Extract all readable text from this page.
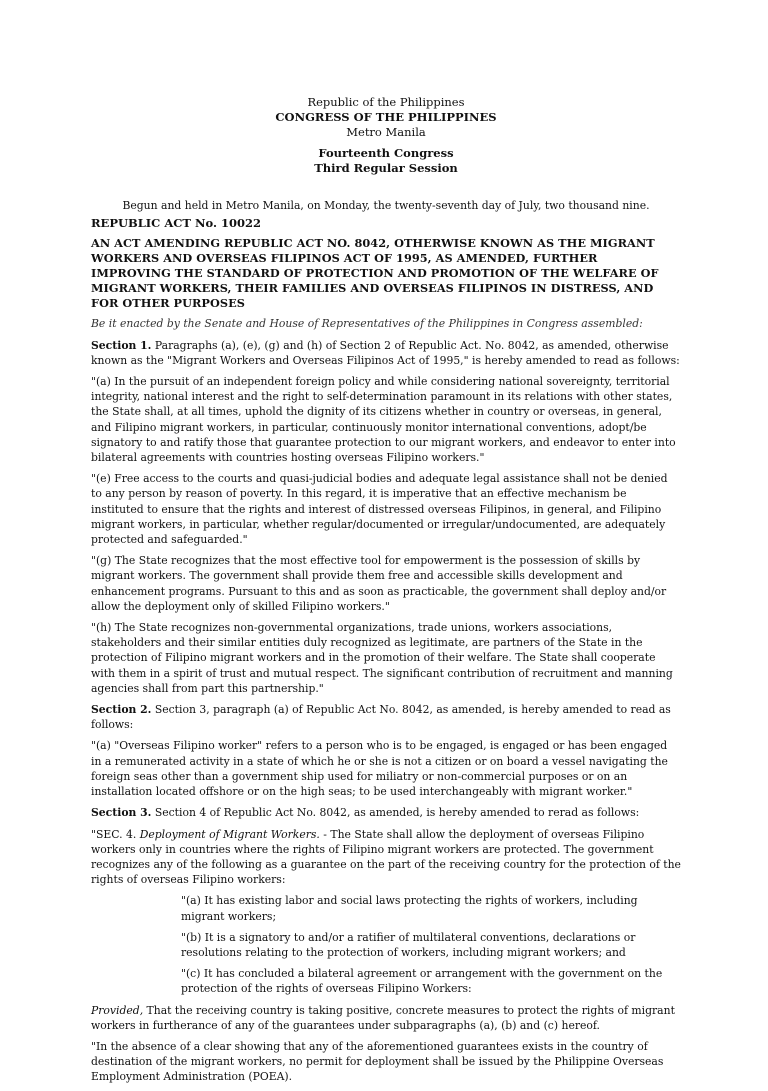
Republic of the Philippines
CONGRESS OF THE PHILIPPINES
Metro Manila
Fourteenth Congress
Third Regular Session

Begun and held in Metro Manila, on Monday, the twenty-seventh day of July, two thousand nine.

REPUBLIC ACT No. 10022

AN ACT AMENDING REPUBLIC ACT NO. 8042, OTHERWISE KNOWN AS THE MIGRANT WORKERS AND OVERSEAS FILIPINOS ACT OF 1995, AS AMENDED, FURTHER IMPROVING THE STANDARD OF PROTECTION AND PROMOTION OF THE WELFARE OF MIGRANT WORKERS, THEIR FAMILIES AND OVERSEAS FILIPINOS IN DISTRESS, AND FOR OTHER PURPOSES

Be it enacted by the Senate and House of Representatives of the Philippines in Congress assembled:

Section 1. Paragraphs (a), (e), (g) and (h) of Section 2 of Republic Act. No. 8042, as amended, otherwise known as the "Migrant Workers and Overseas Filipinos Act of 1995," is hereby amended to read as follows:

"(a) In the pursuit of an independent foreign policy and while considering national sovereignty, territorial integrity, national interest and the right to self-determination paramount in its relations with other states, the State shall, at all times, uphold the dignity of its citizens whether in country or overseas, in general, and Filipino migrant workers, in particular, continuously monitor international conventions, adopt/be signatory to and ratify those that guarantee protection to our migrant workers, and endeavor to enter into bilateral agreements with countries hosting overseas Filipino workers."

"(e) Free access to the courts and quasi-judicial bodies and adequate legal assistance shall not be denied to any person by reason of poverty. In this regard, it is imperative that an effective mechanism be instituted to ensure that the rights and interest of distressed overseas Filipinos, in general, and Filipino migrant workers, in particular, whether regular/documented or irregular/undocumented, are adequately protected and safeguarded."

"(g) The State recognizes that the most effective tool for empowerment is the possession of skills by migrant workers. The government shall provide them free and accessible skills development and enhancement programs. Pursuant to this and as soon as practicable, the government shall deploy and/or allow the deployment only of skilled Filipino workers."

"(h) The State recognizes non-governmental organizations, trade unions, workers associations, stakeholders and their similar entities duly recognized as legitimate, are partners of the State in the protection of Filipino migrant workers and in the promotion of their welfare. The State shall cooperate with them in a spirit of trust and mutual respect. The significant contribution of recruitment and manning agencies shall from part this partnership."

Section 2. Section 3, paragraph (a) of Republic Act No. 8042, as amended, is hereby amended to read as follows:

"(a) "Overseas Filipino worker" refers to a person who is to be engaged, is engaged or has been engaged in a remunerated activity in a state of which he or she is not a citizen or on board a vessel navigating the foreign seas other than a government ship used for miliatry or non-commercial purposes or on an installation located offshore or on the high seas; to be used interchangeably with migrant worker."

Section 3. Section 4 of Republic Act No. 8042, as amended, is hereby amended to rerad as follows:

"SEC. 4. Deployment of Migrant Workers. - The State shall allow the deployment of overseas Filipino workers only in countries where the rights of Filipino migrant workers are protected. The government recognizes any of the following as a guarantee on the part of the receiving country for the protection of the rights of overseas Filipino workers:

"(a) It has existing labor and social laws protecting the rights of workers, including migrant workers;

"(b) It is a signatory to and/or a ratifier of multilateral conventions, declarations or resolutions relating to the protection of workers, including migrant workers; and

"(c) It has concluded a bilateral agreement or arrangement with the government on the protection of the rights of overseas Filipino Workers:

Provided, That the receiving country is taking positive, concrete measures to protect the rights of migrant workers in furtherance of any of the guarantees under subparagraphs (a), (b) and (c) hereof.

"In the absence of a clear showing that any of the aforementioned guarantees exists in the country of destination of the migrant workers, no permit for deployment shall be issued by the Philippine Overseas Employment Administration (POEA).
